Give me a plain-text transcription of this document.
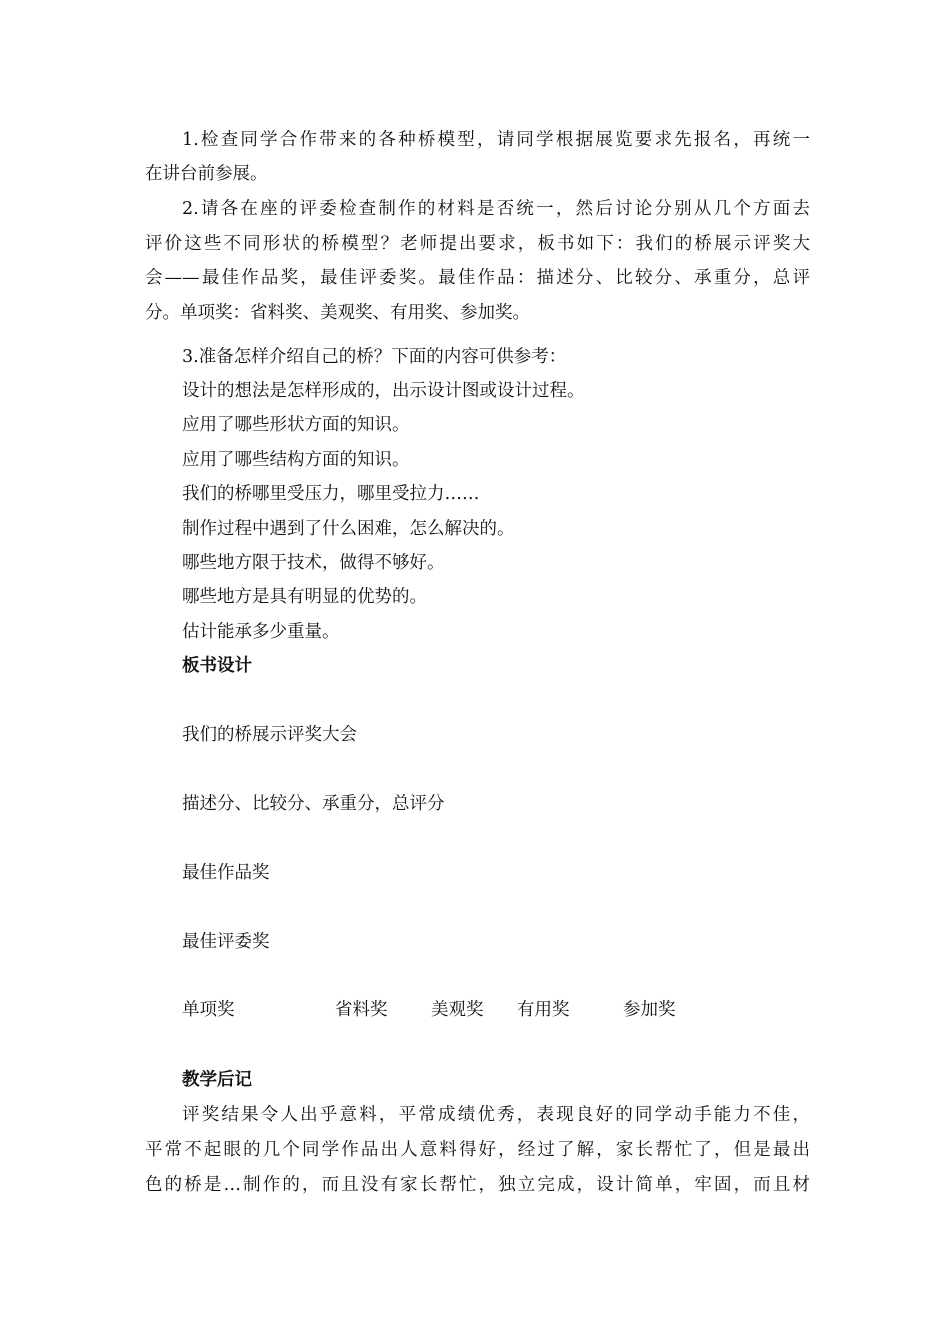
1.检查同学合作带来的各种桥模型，请同学根据展览要求先报名，再统一
在讲台前参展。
2.请各在座的评委检查制作的材料是否统一，然后讨论分别从几个方面去
评价这些不同形状的桥模型？老师提出要求，板书如下：我们的桥展示评奖大
会——最佳作品奖，最佳评委奖。最佳作品：描述分、比较分、承重分，总评
分。单项奖：省料奖、美观奖、有用奖、参加奖。
3.准备怎样介绍自己的桥？下面的内容可供参考：
设计的想法是怎样形成的，出示设计图或设计过程。
应用了哪些形状方面的知识。
应用了哪些结构方面的知识。
我们的桥哪里受压力，哪里受拉力……
制作过程中遇到了什么困难，怎么解决的。
哪些地方限于技术，做得不够好。
哪些地方是具有明显的优势的。
估计能承多少重量。
板书设计
我们的桥展示评奖大会
描述分、比较分、承重分，总评分
最佳作品奖
最佳评委奖
单项奖	省料奖 美观奖 有用奖	参加奖
教学后记
评奖结果令人出乎意料，平常成绩优秀，表现良好的同学动手能力不佳，
平常不起眼的几个同学作品出人意料得好，经过了解，家长帮忙了，但是最出
色的桥是…制作的，而且没有家长帮忙，独立完成，设计简单，牢固，而且材
